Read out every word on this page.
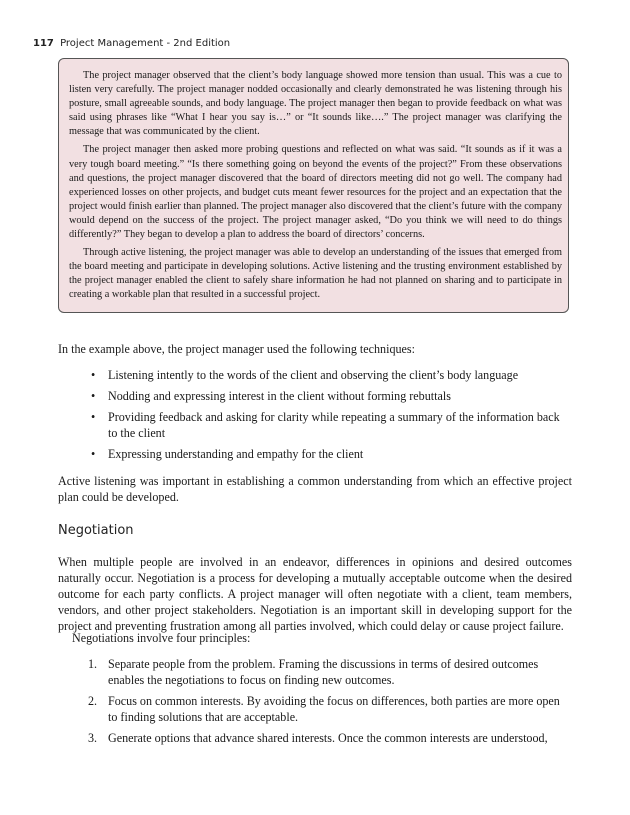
117 Project Management - 2nd Edition

The project manager observed that the client’s body language showed more tension than usual. This was a cue to listen very carefully. The project manager nodded occasionally and clearly demonstrated he was listening through his posture, small agreeable sounds, and body language. The project manager then began to provide feedback on what was said using phrases like “What I hear you say is…” or “It sounds like….” The project manager was clarifying the message that was communicated by the client.

The project manager then asked more probing questions and reflected on what was said. “It sounds as if it was a very tough board meeting.” “Is there something going on beyond the events of the project?” From these observations and questions, the project manager discovered that the board of directors meeting did not go well. The company had experienced losses on other projects, and budget cuts meant fewer resources for the project and an expectation that the project would finish earlier than planned. The project manager also discovered that the client’s future with the company would depend on the success of the project. The project manager asked, “Do you think we will need to do things differently?” They began to develop a plan to address the board of directors’ concerns.

Through active listening, the project manager was able to develop an understanding of the issues that emerged from the board meeting and participate in developing solutions. Active listening and the trusting environment established by the project manager enabled the client to safely share information he had not planned on sharing and to participate in creating a workable plan that resulted in a successful project.

In the example above, the project manager used the following techniques:

• Listening intently to the words of the client and observing the client’s body language
• Nodding and expressing interest in the client without forming rebuttals
• Providing feedback and asking for clarity while repeating a summary of the information back to the client
• Expressing understanding and empathy for the client

Active listening was important in establishing a common understanding from which an effective project plan could be developed.

Negotiation

When multiple people are involved in an endeavor, differences in opinions and desired outcomes naturally occur. Negotiation is a process for developing a mutually acceptable outcome when the desired outcome for each party conflicts. A project manager will often negotiate with a client, team members, vendors, and other project stakeholders. Negotiation is an important skill in developing support for the project and preventing frustration among all parties involved, which could delay or cause project failure.

Negotiations involve four principles:

1. Separate people from the problem. Framing the discussions in terms of desired outcomes enables the negotiations to focus on finding new outcomes.
2. Focus on common interests. By avoiding the focus on differences, both parties are more open to finding solutions that are acceptable.
3. Generate options that advance shared interests. Once the common interests are understood,
